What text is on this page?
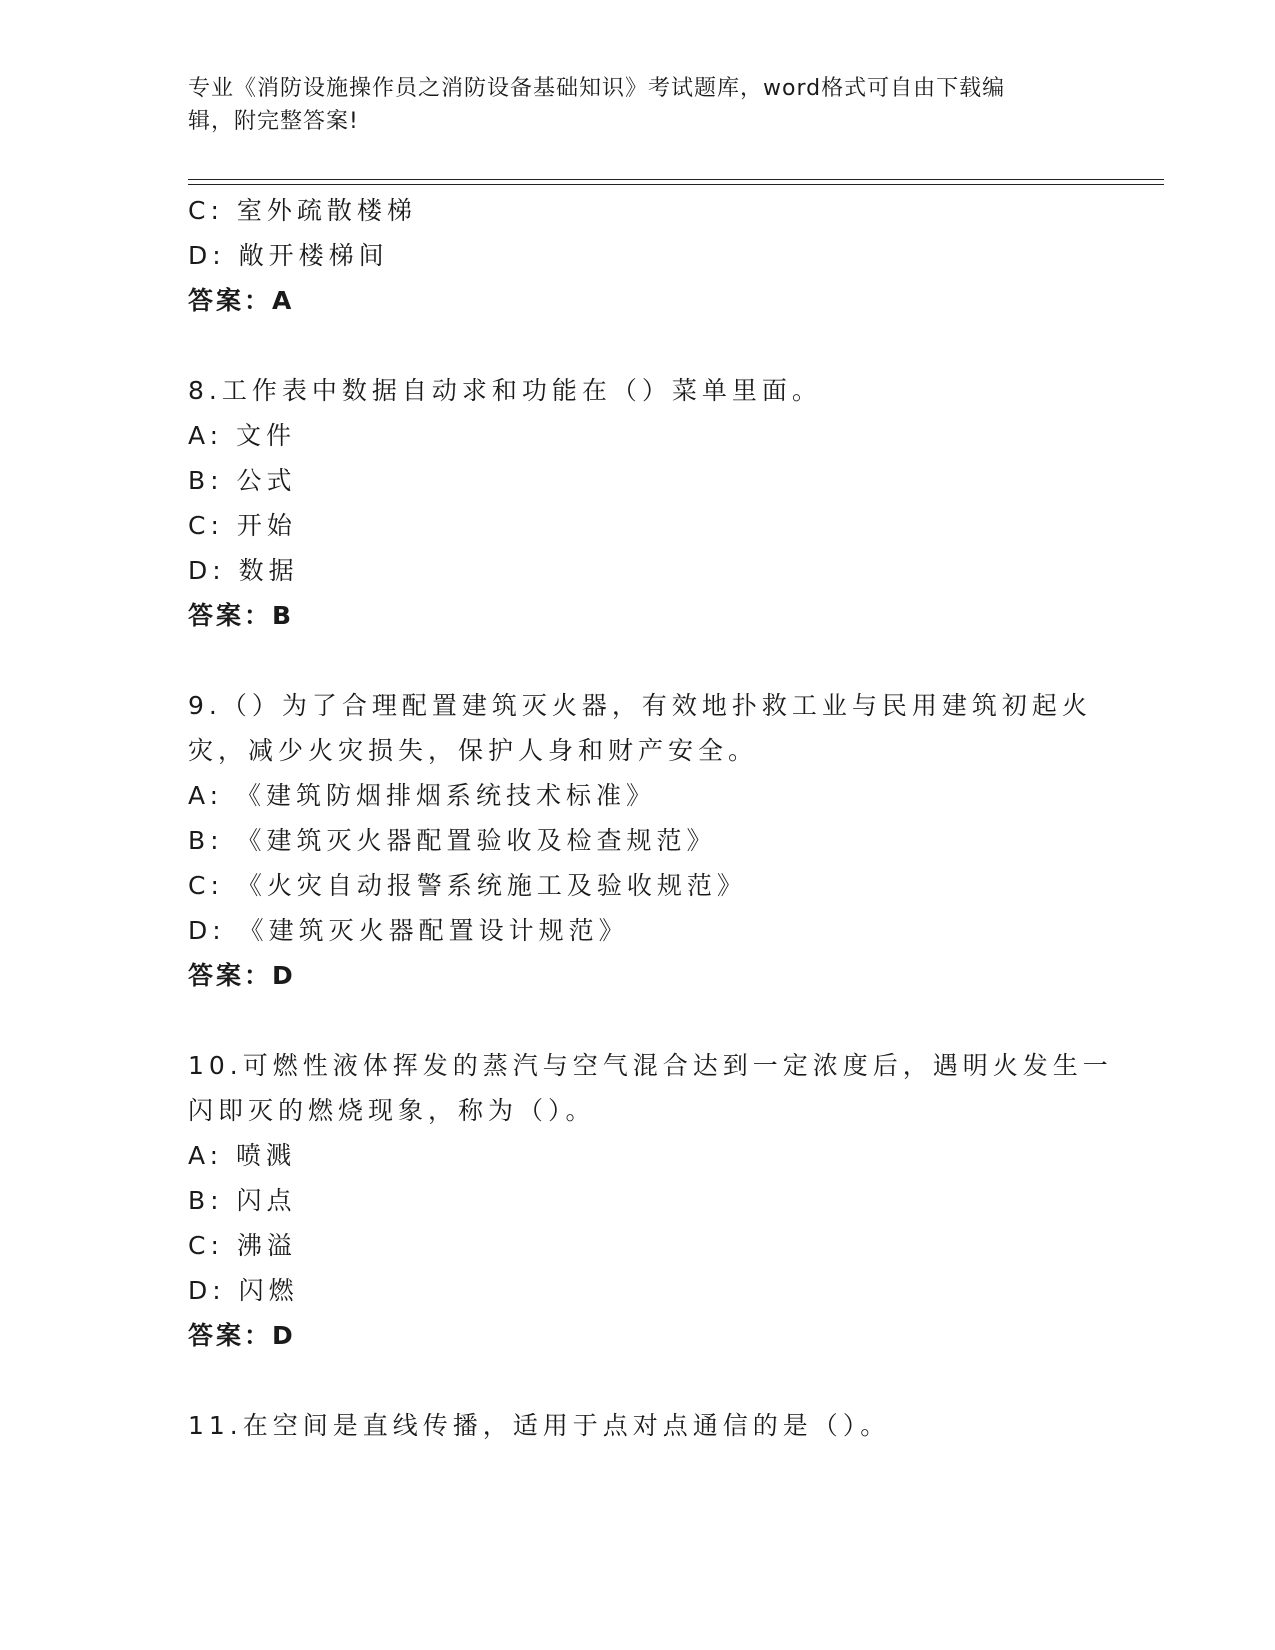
专业《消防设施操作员之消防设备基础知识》考试题库，word格式可自由下载编
辑，附完整答案!
C: 室外疏散楼梯
D: 敞开楼梯间
答案：A
8.工作表中数据自动求和功能在（）菜单里面。
A: 文件
B: 公式
C: 开始
D: 数据
答案：B
9.（）为了合理配置建筑灭火器，有效地扑救工业与民用建筑初起火
灾，减少火灾损失，保护人身和财产安全。
A: 《建筑防烟排烟系统技术标准》
B: 《建筑灭火器配置验收及检查规范》
C: 《火灾自动报警系统施工及验收规范》
D: 《建筑灭火器配置设计规范》
答案：D
10.可燃性液体挥发的蒸汽与空气混合达到一定浓度后，遇明火发生一
闪即灭的燃烧现象，称为（）。
A: 喷溅
B: 闪点
C: 沸溢
D: 闪燃
答案：D
11.在空间是直线传播，适用于点对点通信的是（）。
